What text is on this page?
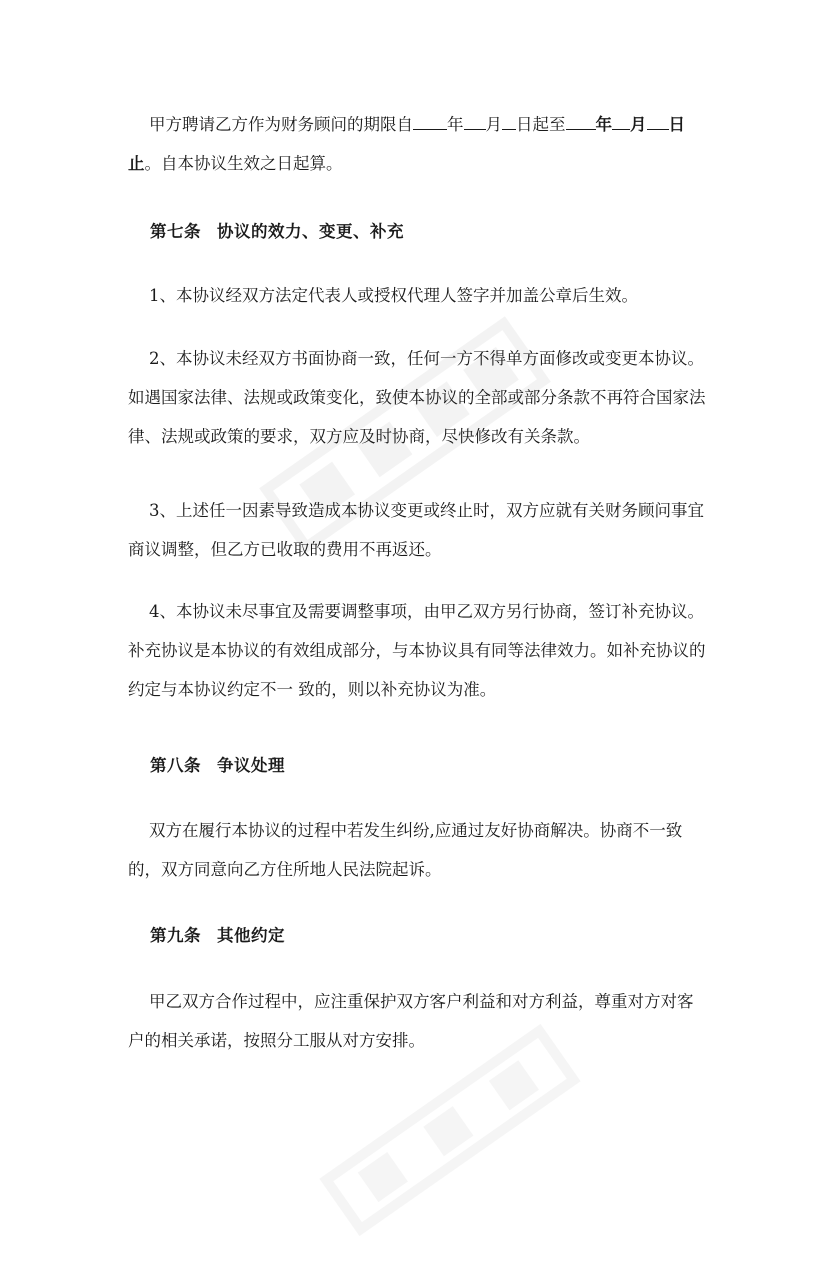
甲方聘请乙方作为财务顾问的期限自 年 月 日起至 年 月 日止。自本协议生效之日起算。

第七条 协议的效力、变更、补充

1、本协议经双方法定代表人或授权代理人签字并加盖公章后生效。

2、本协议未经双方书面协商一致，任何一方不得单方面修改或变更本协议。如遇国家法律、法规或政策变化，致使本协议的全部或部分条款不再符合国家法律、法规或政策的要求，双方应及时协商，尽快修改有关条款。

3、上述任一因素导致造成本协议变更或终止时，双方应就有关财务顾问事宜商议调整，但乙方已收取的费用不再返还。

4、本协议未尽事宜及需要调整事项，由甲乙双方另行协商，签订补充协议。补充协议是本协议的有效组成部分，与本协议具有同等法律效力。如补充协议的约定与本协议约定不一 致的，则以补充协议为准。

第八条 争议处理

双方在履行本协议的过程中若发生纠纷,应通过友好协商解决。协商不一致的，双方同意向乙方住所地人民法院起诉。

第九条 其他约定

甲乙双方合作过程中，应注重保护双方客户利益和对方利益，尊重对方对客户的相关承诺，按照分工服从对方安排。
